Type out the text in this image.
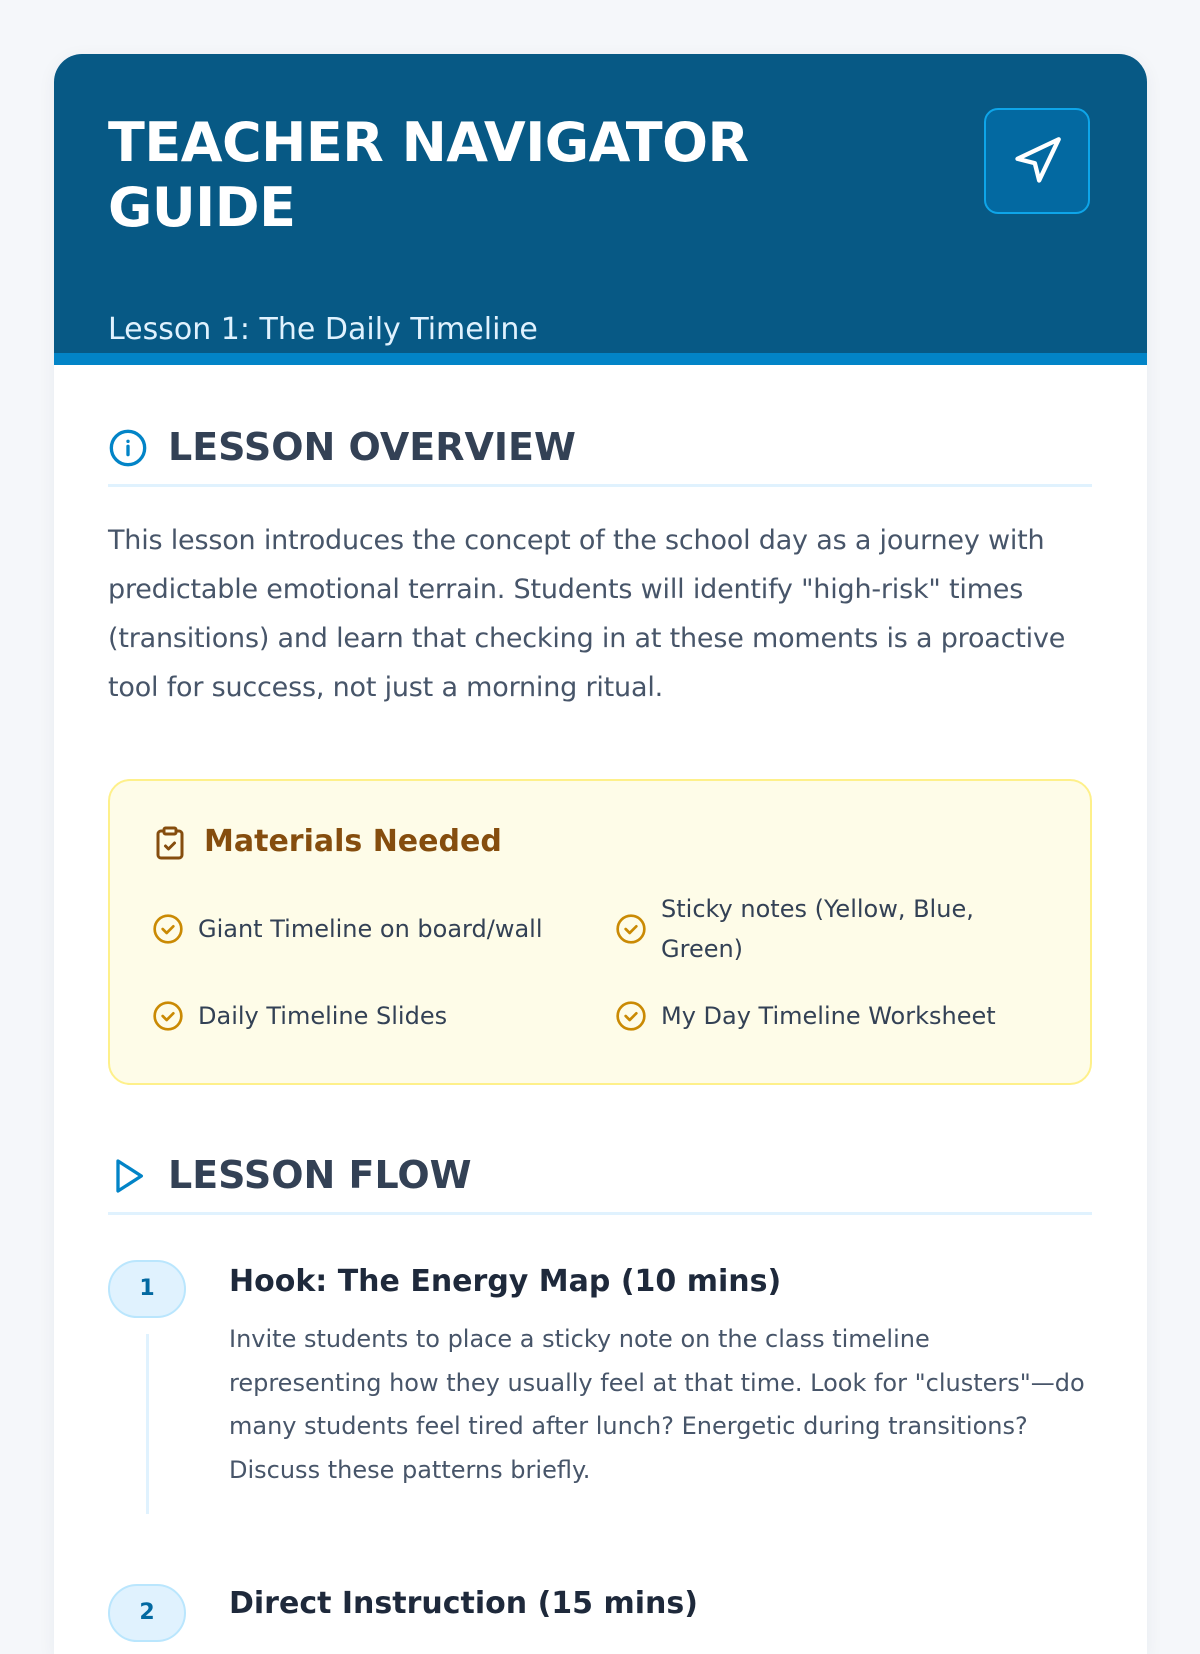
TEACHER NAVIGATOR GUIDE
Lesson 1: The Daily Timeline
LESSON OVERVIEW

This lesson introduces the concept of the school day as a journey with predictable emotional terrain. Students will identify "high-risk" times (transitions) and learn that checking in at these moments is a proactive tool for success, not just a morning ritual.

Materials Needed
Giant Timeline on board/wall
Sticky notes (Yellow, Blue, Green)
Daily Timeline Slides	My Day Timeline Worksheet
LESSON FLOW
1	Hook: The Energy Map (10 mins)

Invite students to place a sticky note on the class timeline representing how they usually feel at that time. Look for "clusters"—do many students feel tired after lunch? Energetic during transitions? Discuss these patterns briefly.

2	Direct Instruction (15 mins)
